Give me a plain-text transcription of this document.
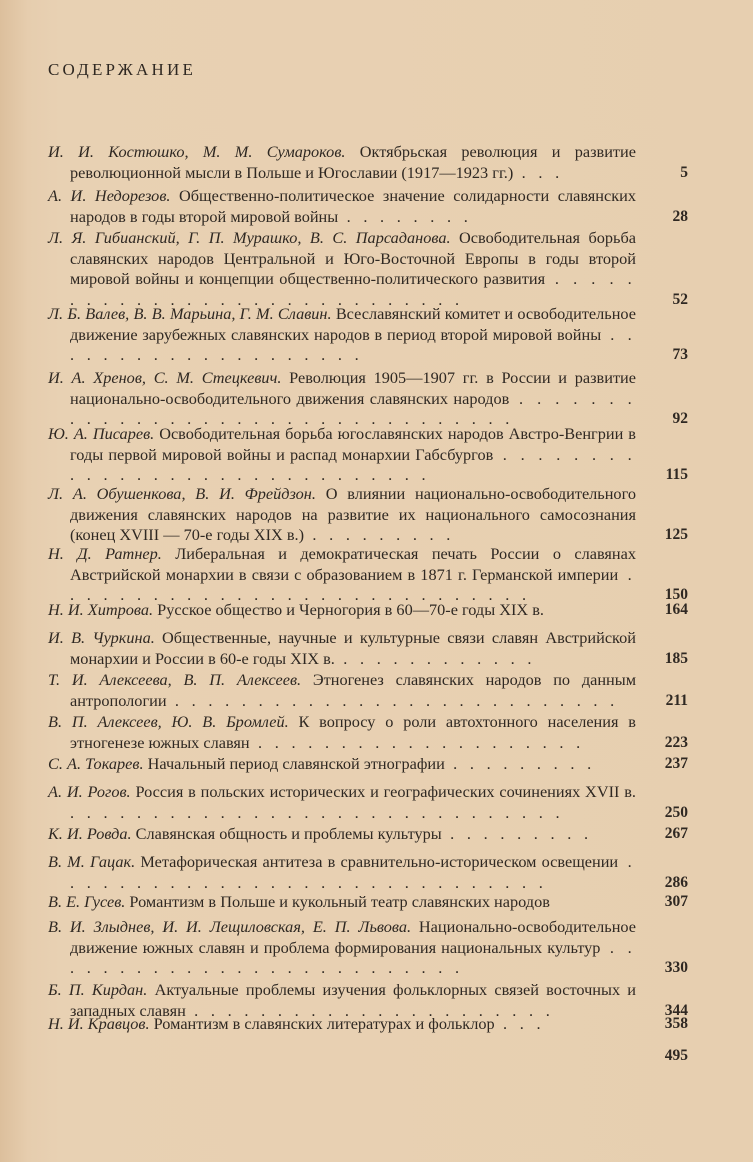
СОДЕРЖАНИЕ
И. И. Костюшко, М. М. Сумароков. Октябрьская революция и развитие революционной мысли в Польше и Югославии (1917—1923 гг.) . . .	5
А. И. Недорезов. Общественно-политическое значение солидарности славянских народов в годы второй мировой войны . . . . . . . .	28
Л. Я. Гибианский, Г. П. Мурашко, В. С. Парсаданова. Освободительная борьба славянских народов Центральной и Юго-Восточной Европы в годы второй мировой войны и концепции общественно-политического развития . . . . . . . . . . . . . . . . . . . . . . . . . . . . .	52
Л. Б. Валев, В. В. Марьина, Г. М. Славин. Всеславянский комитет и освободительное движение зарубежных славянских народов в период второй мировой войны . . . . . . . . . . . . . . . . . . . .	73
И. А. Хренов, С. М. Стецкевич. Революция 1905—1907 гг. в России и развитие национально-освободительного движения славянских народов . . . . . . . . . . . . . . . . . . . . . . . . . . . . . . . . . .	92
Ю. А. Писарев. Освободительная борьба югославянских народов Австро-Венгрии в годы первой мировой войны и распад монархии Габсбургов . . . . . . . . . . . . . . . . . . . . . . . . . . . . . .	115
Л. А. Обушенкова, В. И. Фрейдзон. О влиянии национально-освободительного движения славянских народов на развитие их национального самосознания (конец XVIII — 70-е годы XIX в.) . . . . . . . . .	125
Н. Д. Ратнер. Либеральная и демократическая печать России о славянах Австрийской монархии в связи с образованием в 1871 г. Германской империи . . . . . . . . . . . . . . . . . . . . . . . . . . . . .	150
Н. И. Хитрова. Русское общество и Черногория в 60—70-е годы XIX в.	164
И. В. Чуркина. Общественные, научные и культурные связи славян Австрийской монархии и России в 60-е годы XIX в. . . . . . . . . . . . .	185
Т. И. Алексеева, В. П. Алексеев. Этногенез славянских народов по данным антропологии . . . . . . . . . . . . . . . . . . . . . . . . . . .	211
В. П. Алексеев, Ю. В. Бромлей. К вопросу о роли автохтонного населения в этногенезе южных славян . . . . . . . . . . . . . . . . . . . .	223
С. А. Токарев. Начальный период славянской этнографии . . . . . . . . .	237
А. И. Рогов. Россия в польских исторических и географических сочинениях XVII в. . . . . . . . . . . . . . . . . . . . . . . . . . . . . . .	250
К. И. Ровда. Славянская общность и проблемы культуры . . . . . . . . .	267
В. М. Гацак. Метафорическая антитеза в сравнительно-историческом освещении . . . . . . . . . . . . . . . . . . . . . . . . . . . . . .	286
В. Е. Гусев. Романтизм в Польше и кукольный театр славянских народов	307
В. И. Злыднев, И. И. Лещиловская, Е. П. Львова. Национально-освободительное движение южных славян и проблема формирования национальных культур . . . . . . . . . . . . . . . . . . . . . . . . . .	330
Б. П. Кирдан. Актуальные проблемы изучения фольклорных связей восточных и западных славян . . . . . . . . . . . . . . . . . . . . . .	344
Н. И. Кравцов. Романтизм в славянских литературах и фольклор . . .	358
495
